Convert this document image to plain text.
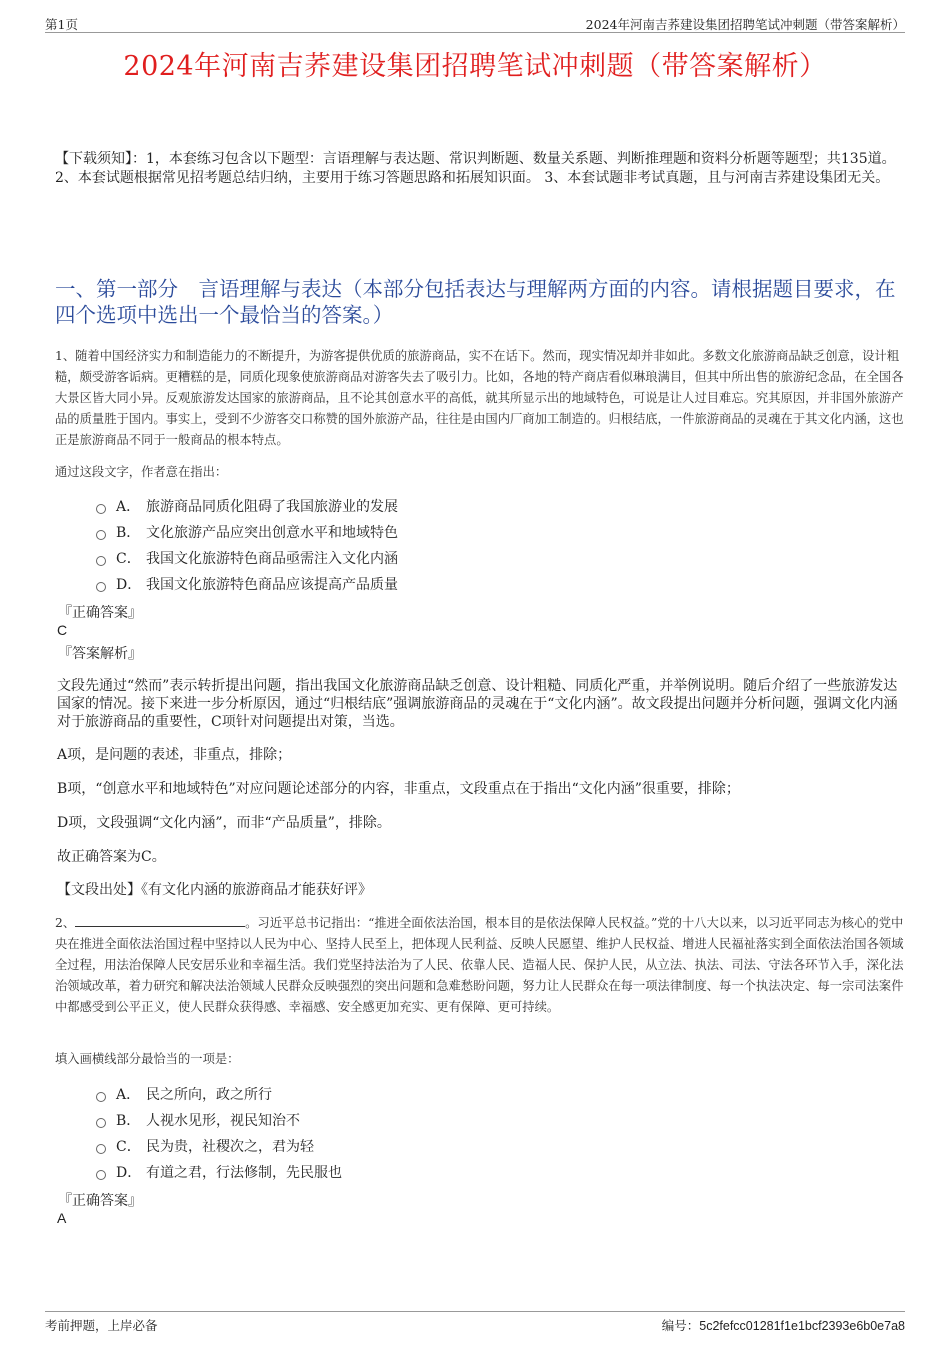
第1页	2024年河南吉荞建设集团招聘笔试冲刺题（带答案解析）
2024年河南吉荞建设集团招聘笔试冲刺题（带答案解析）
【下载须知】：1，本套练习包含以下题型：言语理解与表达题、常识判断题、数量关系题、判断推理题和资料分析题等题型；共135道。 2、本套试题根据常见招考题总结归纳，主要用于练习答题思路和拓展知识面。 3、本套试题非考试真题，且与河南吉荞建设集团无关。
一、第一部分　言语理解与表达（本部分包括表达与理解两方面的内容。请根据题目要求，在四个选项中选出一个最恰当的答案。）
1、随着中国经济实力和制造能力的不断提升，为游客提供优质的旅游商品，实不在话下。然而，现实情况却并非如此。多数文化旅游商品缺乏创意，设计粗糙，颇受游客诟病。更糟糕的是，同质化现象使旅游商品对游客失去了吸引力。比如，各地的特产商店看似琳琅满目，但其中所出售的旅游纪念品，在全国各大景区皆大同小异。反观旅游发达国家的旅游商品，且不论其创意水平的高低，就其所显示出的地域特色，可说是让人过目难忘。究其原因，并非国外旅游产品的质量胜于国内。事实上，受到不少游客交口称赞的国外旅游产品，往往是由国内厂商加工制造的。归根结底，一件旅游商品的灵魂在于其文化内涵，这也正是旅游商品不同于一般商品的根本特点。
通过这段文字，作者意在指出：
A． 旅游商品同质化阻碍了我国旅游业的发展
B． 文化旅游产品应突出创意水平和地域特色
C． 我国文化旅游特色商品亟需注入文化内涵
D． 我国文化旅游特色商品应该提高产品质量
『正确答案』
C
『答案解析』
文段先通过“然而”表示转折提出问题，指出我国文化旅游商品缺乏创意、设计粗糙、同质化严重，并举例说明。随后介绍了一些旅游发达国家的情况。接下来进一步分析原因，通过“归根结底”强调旅游商品的灵魂在于“文化内涵”。故文段提出问题并分析问题，强调文化内涵对于旅游商品的重要性，C项针对问题提出对策，当选。
A项，是问题的表述，非重点，排除；
B项，“创意水平和地域特色”对应问题论述部分的内容，非重点，文段重点在于指出“文化内涵”很重要，排除；
D项，文段强调“文化内涵”，而非“产品质量”，排除。
故正确答案为C。
【文段出处】《有文化内涵的旅游商品才能获好评》
2、	。习近平总书记指出：“推进全面依法治国，根本目的是依法保障人民权益。”党的十八大以来，以习近平同志为核心的党中央在推进全面依法治国过程中坚持以人民为中心、坚持人民至上，把体现人民利益、反映人民愿望、维护人民权益、增进人民福祉落实到全面依法治国各领域全过程，用法治保障人民安居乐业和幸福生活。我们党坚持法治为了人民、依靠人民、造福人民、保护人民，从立法、执法、司法、守法各环节入手，深化法治领域改革，着力研究和解决法治领域人民群众反映强烈的突出问题和急难愁盼问题，努力让人民群众在每一项法律制度、每一个执法决定、每一宗司法案件中都感受到公平正义，使人民群众获得感、幸福感、安全感更加充实、更有保障、更可持续。
填入画横线部分最恰当的一项是：
A． 民之所向，政之所行
B． 人视水见形，视民知治不
C． 民为贵，社稷次之，君为轻
D． 有道之君，行法修制，先民服也
『正确答案』
A
考前押题，上岸必备	编号：5c2fefcc01281f1e1bcf2393e6b0e7a8
